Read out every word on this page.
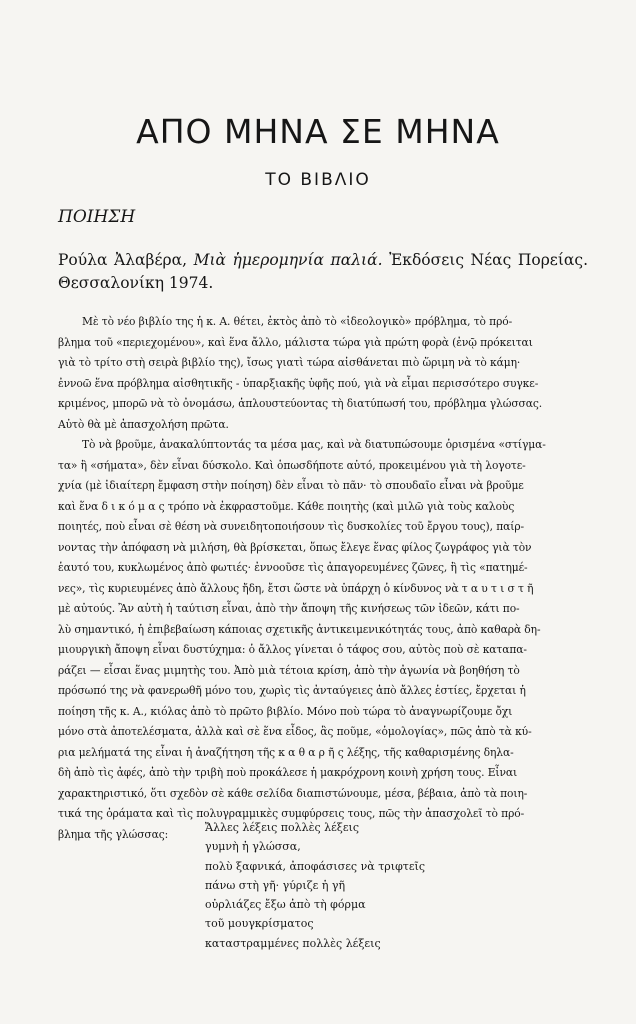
ΑΠΟ ΜΗΝΑ ΣΕ ΜΗΝΑ
ΤΟ ΒΙΒΛΙΟ
ΠΟΙΗΣΗ
Ρούλα Ἀλαβέρα, Μιὰ ἡμερομηνία παλιά. Ἐκδόσεις Νέας Πορείας. Θεσσαλονίκη 1974.
Μὲ τὸ νέο βιβλίο της ἡ κ. Α. θέτει, ἐκτὸς ἀπὸ τὸ «ἰδεολογικὸ» πρόβλημα, τὸ πρό-
βλημα τοῦ «περιεχομένου», καὶ ἕνα ἄλλο, μάλιστα τώρα γιὰ πρώτη φορὰ (ἐνῷ πρόκειται
γιὰ τὸ τρίτο στὴ σειρὰ βιβλίο της), ἴσως γιατὶ τώρα αἰσθάνεται πιὸ ὥριμη νὰ τὸ κάμη·
ἐννοῶ ἕνα πρόβλημα αἰσθητικῆς - ὑπαρξιακῆς ὑφῆς πού, γιὰ νὰ εἶμαι περισσότερο συγκε-
κριμένος, μπορῶ νὰ τὸ ὀνομάσω, ἁπλουστεύοντας τὴ διατύπωσή του, πρόβλημα γλώσσας.
Αὐτὸ θὰ μὲ ἀπασχολήση πρῶτα.
Τὸ νὰ βροῦμε, ἀνακαλύπτοντάς τα μέσα μας, καὶ νὰ διατυπώσουμε ὁρισμένα «στίγμα-
τα» ἢ «σήματα», δὲν εἶναι δύσκολο. Καὶ ὁπωσδήποτε αὐτό, προκειμένου γιὰ τὴ λογοτε-
χνία (μὲ ἰδιαίτερη ἔμφαση στὴν ποίηση) δὲν εἶναι τὸ πᾶν· τὸ σπουδαῖο εἶναι νὰ βροῦμε
καὶ ἕνα δ ι κ ό μ α ς τρόπο νὰ ἐκφραστοῦμε. Κάθε ποιητὴς (καὶ μιλῶ γιὰ τοὺς καλοὺς
ποιητές, ποὺ εἶναι σὲ θέση νὰ συνειδητοποιήσουν τὶς δυσκολίες τοῦ ἔργου τους), παίρ-
νοντας τὴν ἀπόφαση νὰ μιλήση, θὰ βρίσκεται, ὅπως ἔλεγε ἕνας φίλος ζωγράφος γιὰ τὸν
ἑαυτό του, κυκλωμένος ἀπὸ φωτιές· ἐννοοῦσε τὶς ἀπαγορευμένες ζῶνες, ἢ τὶς «πατημέ-
νες», τὶς κυριευμένες ἀπὸ ἄλλους ἤδη, ἔτσι ὥστε νὰ ὑπάρχη ὁ κίνδυνος νὰ τ α υ τ ι σ τ ῆ
μὲ αὐτούς. Ἂν αὐτὴ ἡ ταύτιση εἶναι, ἀπὸ τὴν ἄποψη τῆς κινήσεως τῶν ἰδεῶν, κάτι πο-
λὺ σημαντικό, ἡ ἐπιβεβαίωση κάποιας σχετικῆς ἀντικειμενικότητάς τους, ἀπὸ καθαρὰ δη-
μιουργικὴ ἄποψη εἶναι δυστύχημα: ὁ ἄλλος γίνεται ὁ τάφος σου, αὐτὸς ποὺ σὲ καταπα-
ράζει — εἶσαι ἕνας μιμητὴς του. Ἀπὸ μιὰ τέτοια κρίση, ἀπὸ τὴν ἀγωνία νὰ βοηθήση τὸ
πρόσωπό της νὰ φανερωθῆ μόνο του, χωρὶς τὶς ἀνταύγειες ἀπὸ ἄλλες ἑστίες, ἔρχεται ἡ
ποίηση τῆς κ. Α., κιόλας ἀπὸ τὸ πρῶτο βιβλίο. Μόνο ποὺ τώρα τὸ ἀναγνωρίζουμε ὄχι
μόνο στὰ ἀποτελέσματα, ἀλλὰ καὶ σὲ ἕνα εἶδος, ἂς ποῦμε, «ὁμολογίας», πῶς ἀπὸ τὰ κύ-
ρια μελήματά της εἶναι ἡ ἀναζήτηση τῆς κ α θ α ρ ῆ ς λέξης, τῆς καθαρισμένης δηλα-
δὴ ἀπὸ τὶς ἀφές, ἀπὸ τὴν τριβὴ ποὺ προκάλεσε ἡ μακρόχρονη κοινὴ χρήση τους. Εἶναι
χαρακτηριστικό, ὅτι σχεδὸν σὲ κάθε σελίδα διαπιστώνουμε, μέσα, βέβαια, ἀπὸ τὰ ποιη-
τικά της ὁράματα καὶ τὶς πολυγραμμικὲς συμφύρσεις τους, πῶς τὴν ἀπασχολεῖ τὸ πρό-
βλημα τῆς γλώσσας:	Ἄλλες λέξεις πολλὲς λέξεις
γυμνὴ ἡ γλώσσα,
πολὺ ξαφνικά, ἀποφάσισες νὰ τριφτεῖς
πάνω στὴ γῆ· γύριζε ἡ γῆ
οὐρλιάζες ἔξω ἀπὸ τὴ φόρμα
τοῦ μουγκρίσματος
καταστραμμένες πολλὲς λέξεις
